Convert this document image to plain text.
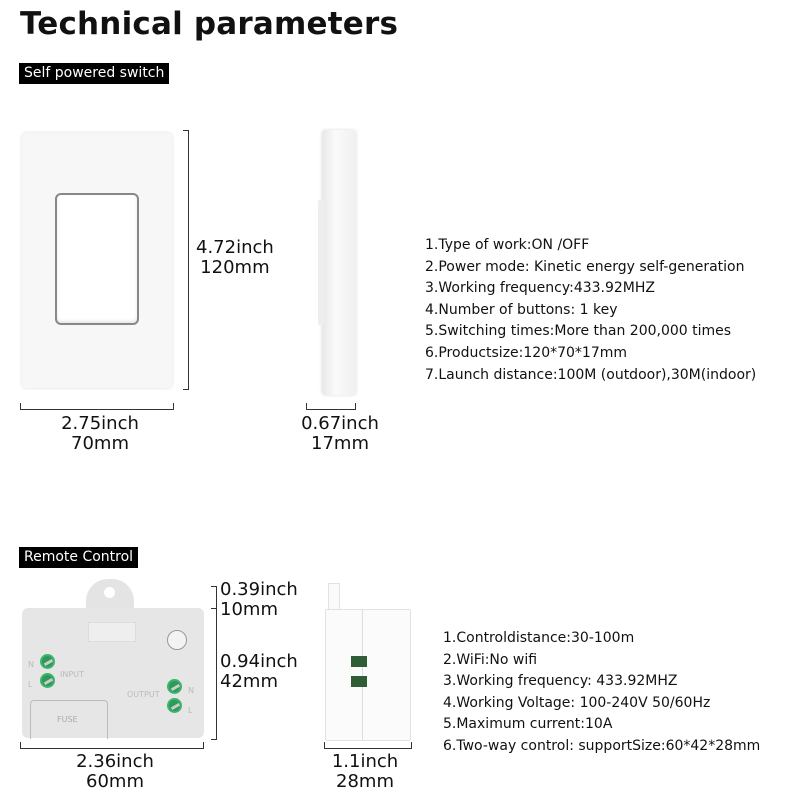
Technical parameters
Self powered switch
4.72inch
120mm
2.75inch
70mm
0.67inch
17mm
1.Type of work:ON /OFF
2.Power mode: Kinetic energy self-generation
3.Working frequency:433.92MHZ
4.Number of buttons: 1 key
5.Switching times:More than 200,000 times
6.Productsize:120*70*17mm
7.Launch distance:100M (outdoor),30M(indoor)
Remote Control
N
L
INPUT
OUTPUT	N
L
FUSE
0.39inch
10mm
0.94inch
42mm
2.36inch
60mm
1.1inch
28mm
1.Controldistance:30-100m
2.WiFi:No wifi
3.Working frequency: 433.92MHZ
4.Working Voltage: 100-240V 50/60Hz
5.Maximum current:10A
6.Two-way control: supportSize:60*42*28mm
